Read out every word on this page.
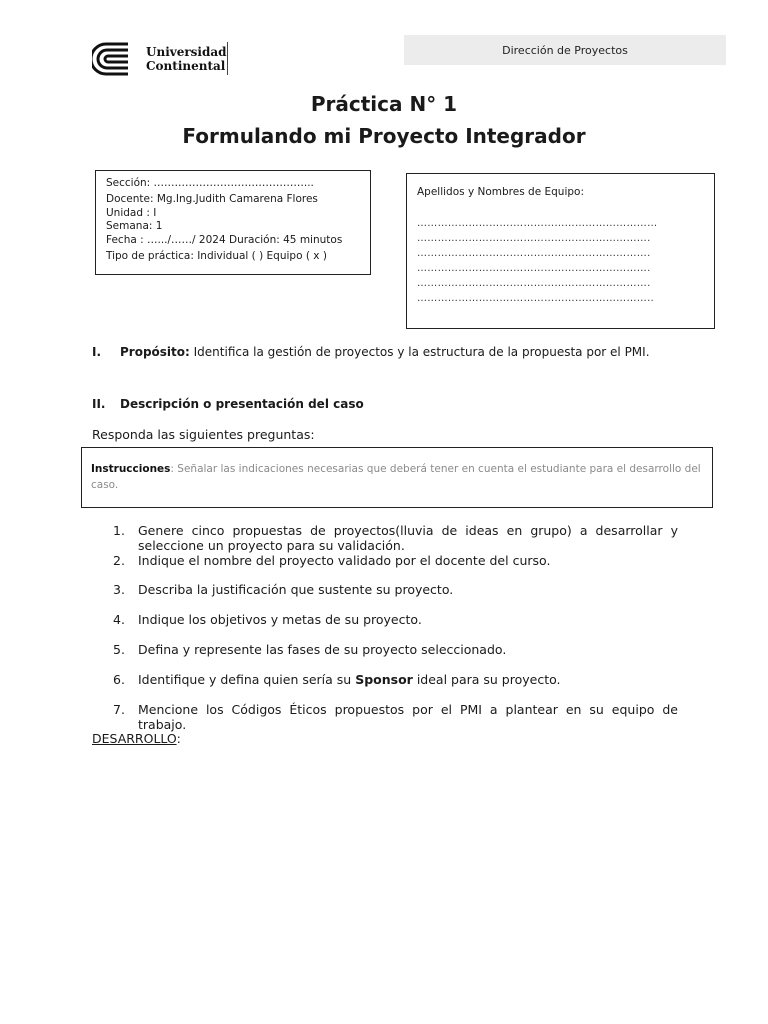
Universidad
Continental
Dirección de Proyectos
Práctica N° 1
Formulando mi Proyecto Integrador
Sección: ……………………….……………...
Docente: Mg.Ing.Judith Camarena Flores
Unidad : I
Semana: 1
Fecha : ….../……/ 2024 Duración: 45 minutos
Tipo de práctica: Individual ( ) Equipo ( x )
Apellidos y Nombres de Equipo:
……………………….……………………………………
……………………….………………………………….
……………………….………………………………….
……………………….………………………………….
……………………….………………………………….
……………………….…………………………………..
I. Propósito: Identifica la gestión de proyectos y la estructura de la propuesta por el PMI.
II. Descripción o presentación del caso
Responda las siguientes preguntas:
Instrucciones: Señalar las indicaciones necesarias que deberá tener en cuenta el estudiante para el desarrollo del caso.
1.	Genere cinco propuestas de proyectos(lluvia de ideas en grupo) a desarrollar y seleccione un proyecto para su validación.
2.	Indique el nombre del proyecto validado por el docente del curso.
3.	Describa la justificación que sustente su proyecto.
4.	Indique los objetivos y metas de su proyecto.
5.	Defina y represente las fases de su proyecto seleccionado.
6.	Identifique y defina quien sería su Sponsor ideal para su proyecto.
7.	Mencione los Códigos Éticos propuestos por el PMI a plantear en su equipo de trabajo.
DESARROLLO:
